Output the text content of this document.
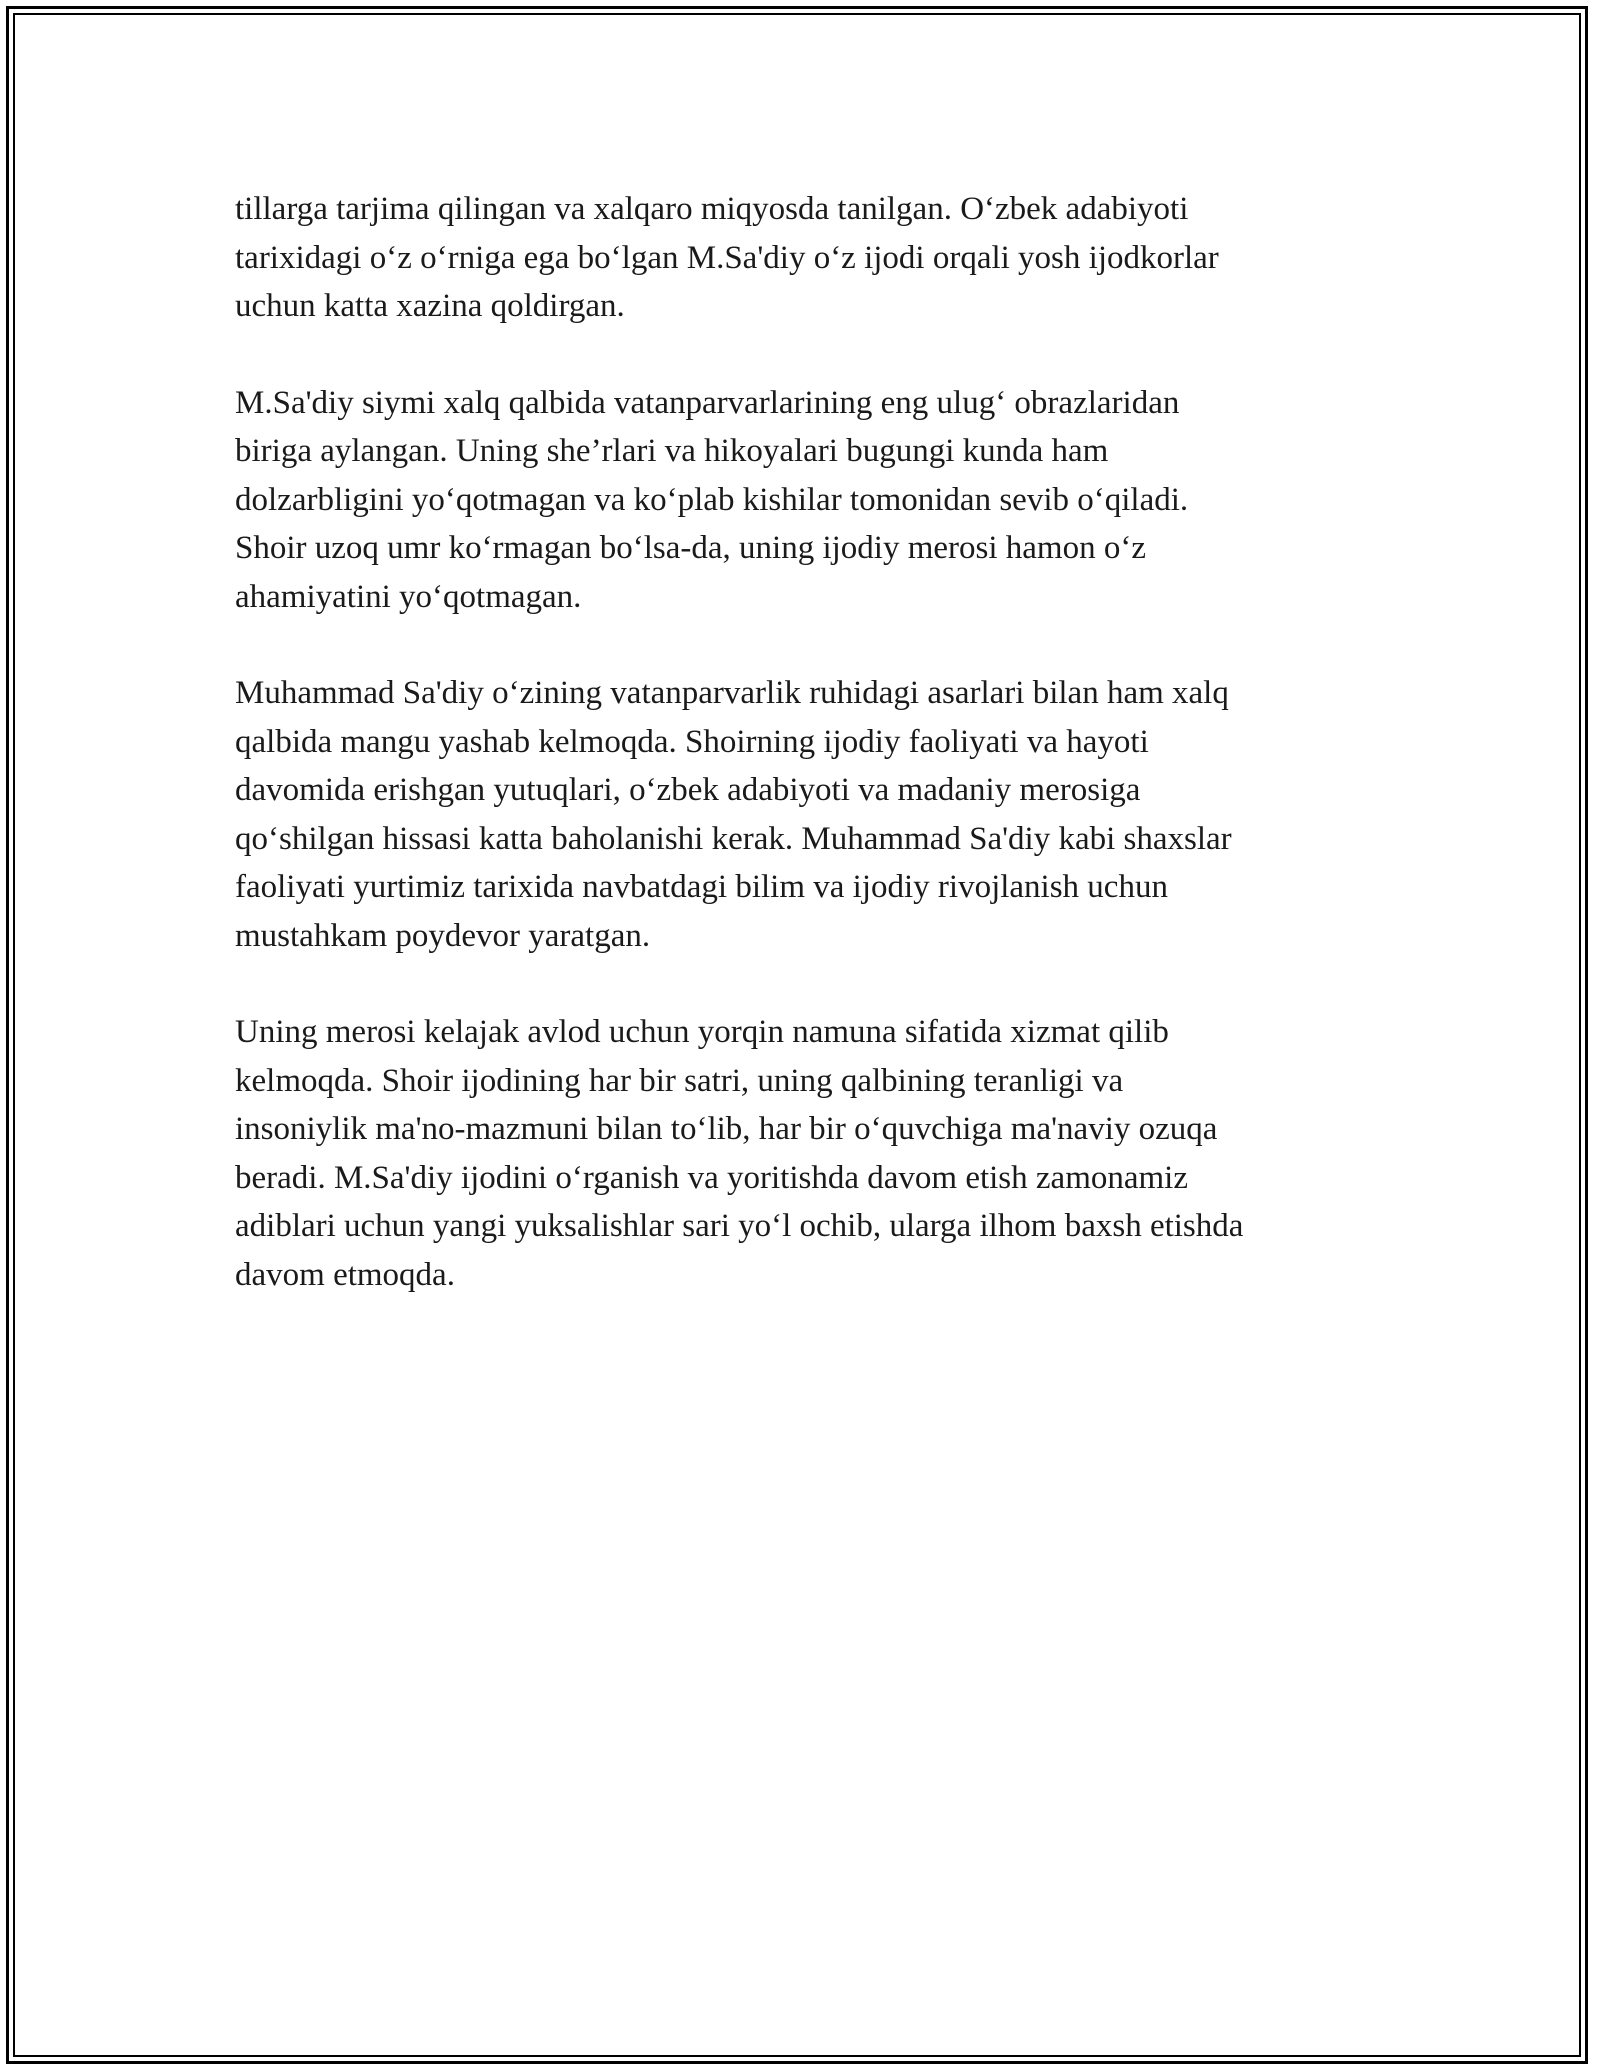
tillarga tarjima qilingan va xalqaro miqyosda tanilgan. O‘zbek adabiyoti
tarixidagi o‘z o‘rniga ega bo‘lgan M.Sa'diy o‘z ijodi orqali yosh ijodkorlar
uchun katta xazina qoldirgan.

M.Sa'diy siymi xalq qalbida vatanparvarlarining eng ulug‘ obrazlaridan
biriga aylangan. Uning she’rlari va hikoyalari bugungi kunda ham
dolzarbligini yo‘qotmagan va ko‘plab kishilar tomonidan sevib o‘qiladi.
Shoir uzoq umr ko‘rmagan bo‘lsa-da, uning ijodiy merosi hamon o‘z
ahamiyatini yo‘qotmagan.

Muhammad Sa'diy o‘zining vatanparvarlik ruhidagi asarlari bilan ham xalq
qalbida mangu yashab kelmoqda. Shoirning ijodiy faoliyati va hayoti
davomida erishgan yutuqlari, o‘zbek adabiyoti va madaniy merosiga
qo‘shilgan hissasi katta baholanishi kerak. Muhammad Sa'diy kabi shaxslar
faoliyati yurtimiz tarixida navbatdagi bilim va ijodiy rivojlanish uchun
mustahkam poydevor yaratgan.

Uning merosi kelajak avlod uchun yorqin namuna sifatida xizmat qilib
kelmoqda. Shoir ijodining har bir satri, uning qalbining teranligi va
insoniylik ma'no-mazmuni bilan to‘lib, har bir o‘quvchiga ma'naviy ozuqa
beradi. M.Sa'diy ijodini o‘rganish va yoritishda davom etish zamonamiz
adiblari uchun yangi yuksalishlar sari yo‘l ochib, ularga ilhom baxsh etishda
davom etmoqda.
